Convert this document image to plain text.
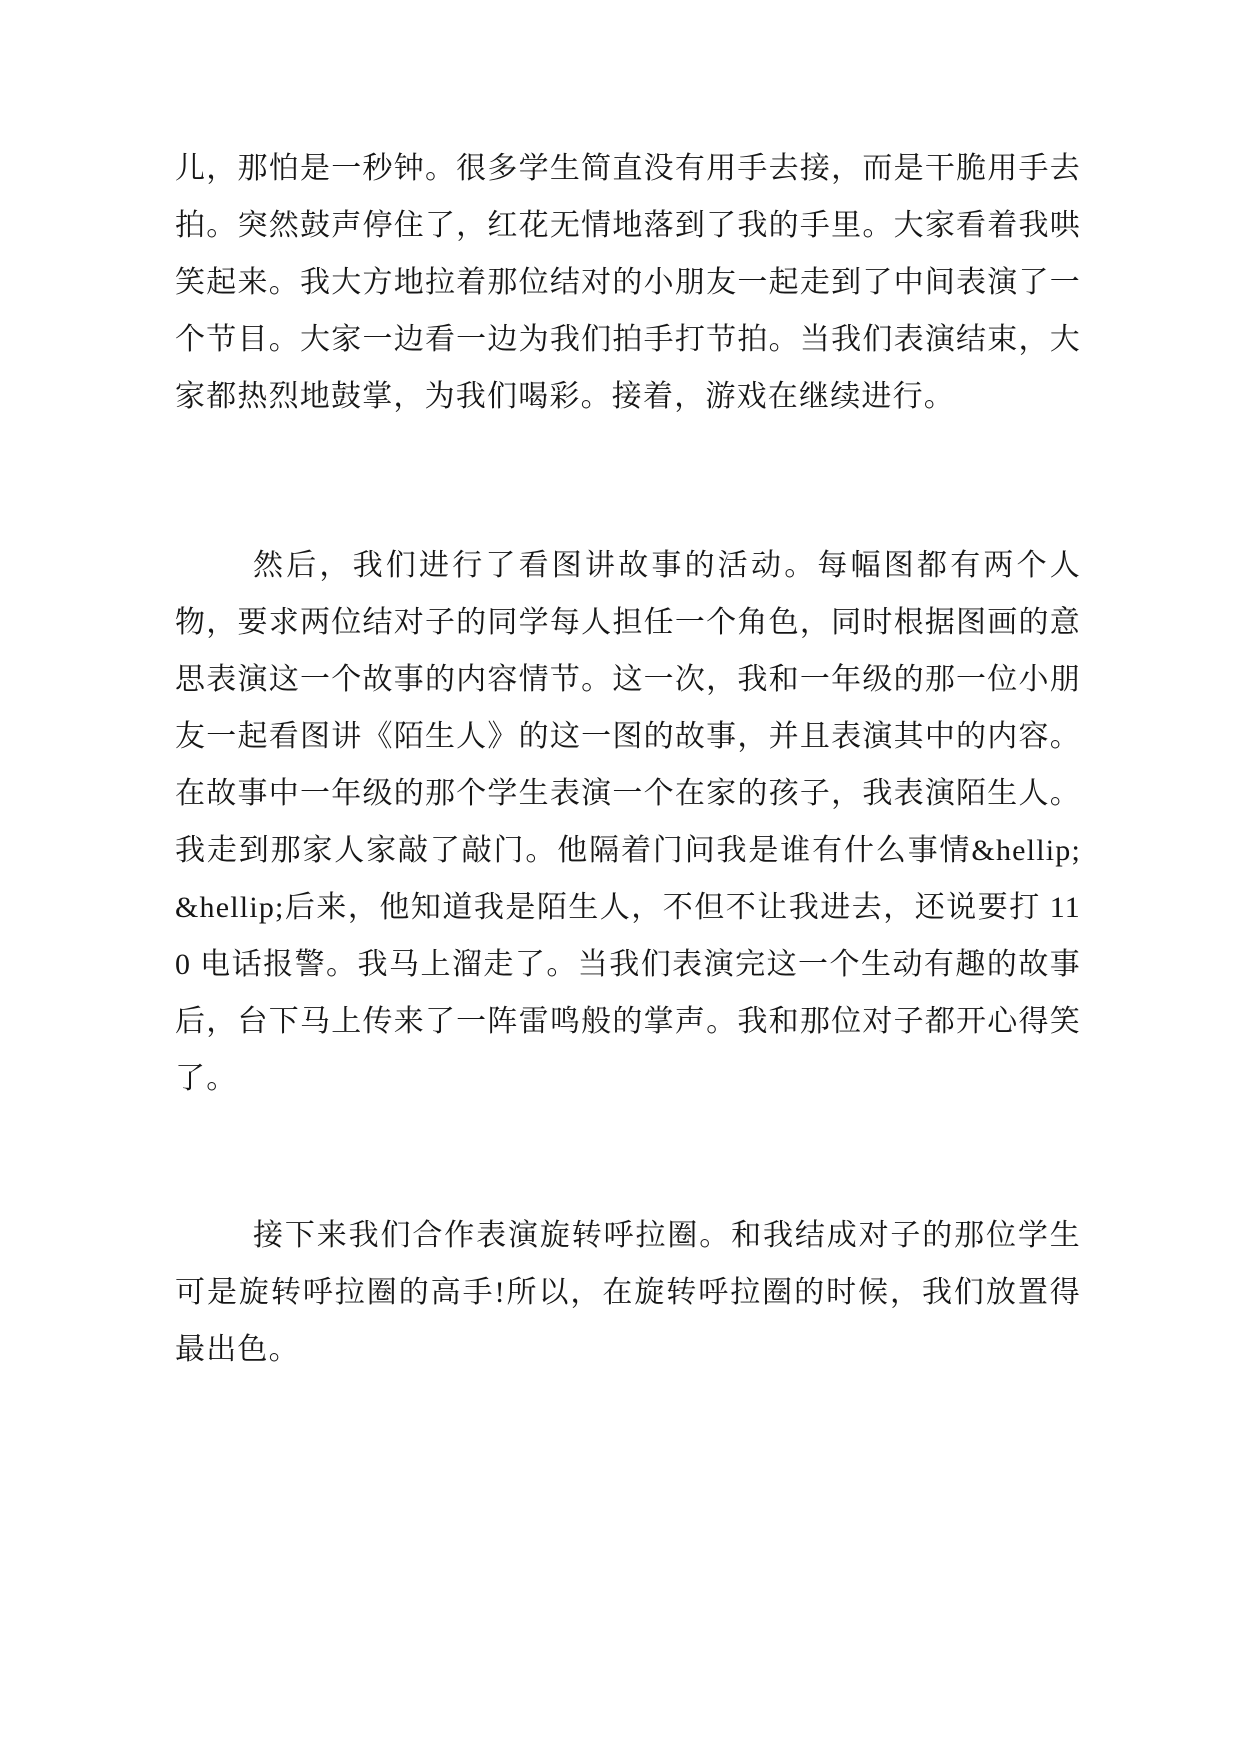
儿，那怕是一秒钟。很多学生简直没有用手去接，而是干脆用手去拍。突然鼓声停住了，红花无情地落到了我的手里。大家看着我哄笑起来。我大方地拉着那位结对的小朋友一起走到了中间表演了一个节目。大家一边看一边为我们拍手打节拍。当我们表演结束，大家都热烈地鼓掌，为我们喝彩。接着，游戏在继续进行。

然后，我们进行了看图讲故事的活动。每幅图都有两个人物，要求两位结对子的同学每人担任一个角色，同时根据图画的意思表演这一个故事的内容情节。这一次，我和一年级的那一位小朋友一起看图讲《陌生人》的这一图的故事，并且表演其中的内容。在故事中一年级的那个学生表演一个在家的孩子，我表演陌生人。我走到那家人家敲了敲门。他隔着门问我是谁有什么事情&hellip;&hellip;后来，他知道我是陌生人，不但不让我进去，还说要打 110 电话报警。我马上溜走了。当我们表演完这一个生动有趣的故事后，台下马上传来了一阵雷鸣般的掌声。我和那位对子都开心得笑了。

接下来我们合作表演旋转呼拉圈。和我结成对子的那位学生可是旋转呼拉圈的高手!所以，在旋转呼拉圈的时候，我们放置得最出色。
